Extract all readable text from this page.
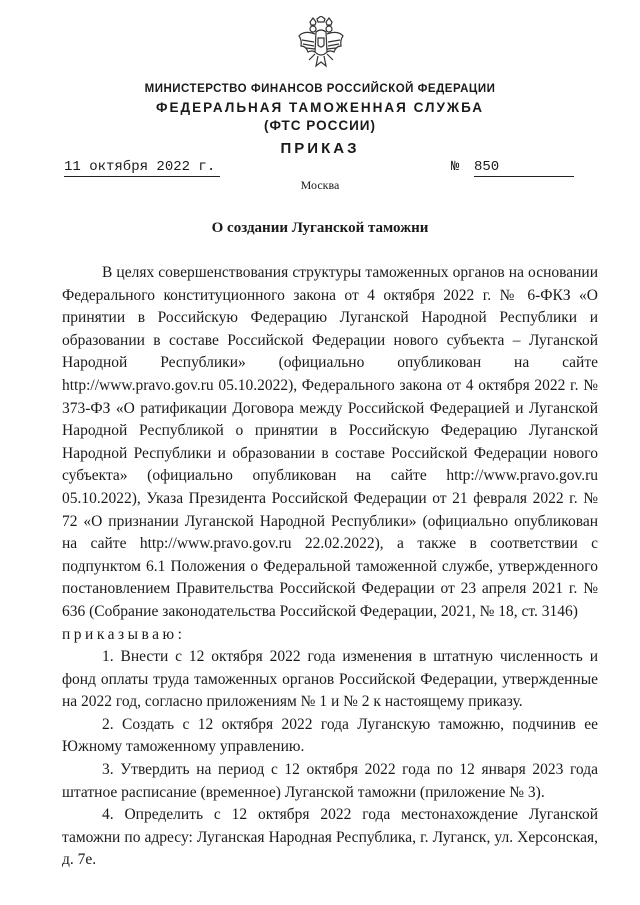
МИНИСТЕРСТВО ФИНАНСОВ РОССИЙСКОЙ ФЕДЕРАЦИИ
ФЕДЕРАЛЬНАЯ ТАМОЖЕННАЯ СЛУЖБА
(ФТС РОССИИ)
ПРИКАЗ
11 октября 2022 г.	№ 850
Москва
О создании Луганской таможни

В целях совершенствования структуры таможенных органов на основании Федерального конституционного закона от 4 октября 2022 г. № 6-ФКЗ «О принятии в Российскую Федерацию Луганской Народной Республики и образовании в составе Российской Федерации нового субъекта – Луганской Народной Республики» (официально опубликован на сайте http://www.pravo.gov.ru 05.10.2022), Федерального закона от 4 октября 2022 г. № 373-ФЗ «О ратификации Договора между Российской Федерацией и Луганской Народной Республикой о принятии в Российскую Федерацию Луганской Народной Республики и образовании в составе Российской Федерации нового субъекта» (официально опубликован на сайте http://www.pravo.gov.ru 05.10.2022), Указа Президента Российской Федерации от 21 февраля 2022 г. № 72 «О признании Луганской Народной Республики» (официально опубликован на сайте http://www.pravo.gov.ru 22.02.2022), а также в соответствии с подпунктом 6.1 Положения о Федеральной таможенной службе, утвержденного постановлением Правительства Российской Федерации от 23 апреля 2021 г. № 636 (Собрание законодательства Российской Федерации, 2021, № 18, ст. 3146)

приказываю:

1. Внести с 12 октября 2022 года изменения в штатную численность и фонд оплаты труда таможенных органов Российской Федерации, утвержденные на 2022 год, согласно приложениям № 1 и № 2 к настоящему приказу.

2. Создать с 12 октября 2022 года Луганскую таможню, подчинив ее Южному таможенному управлению.

3. Утвердить на период с 12 октября 2022 года по 12 января 2023 года штатное расписание (временное) Луганской таможни (приложение № 3).

4. Определить с 12 октября 2022 года местонахождение Луганской таможни по адресу: Луганская Народная Республика, г. Луганск, ул. Херсонская, д. 7е.
